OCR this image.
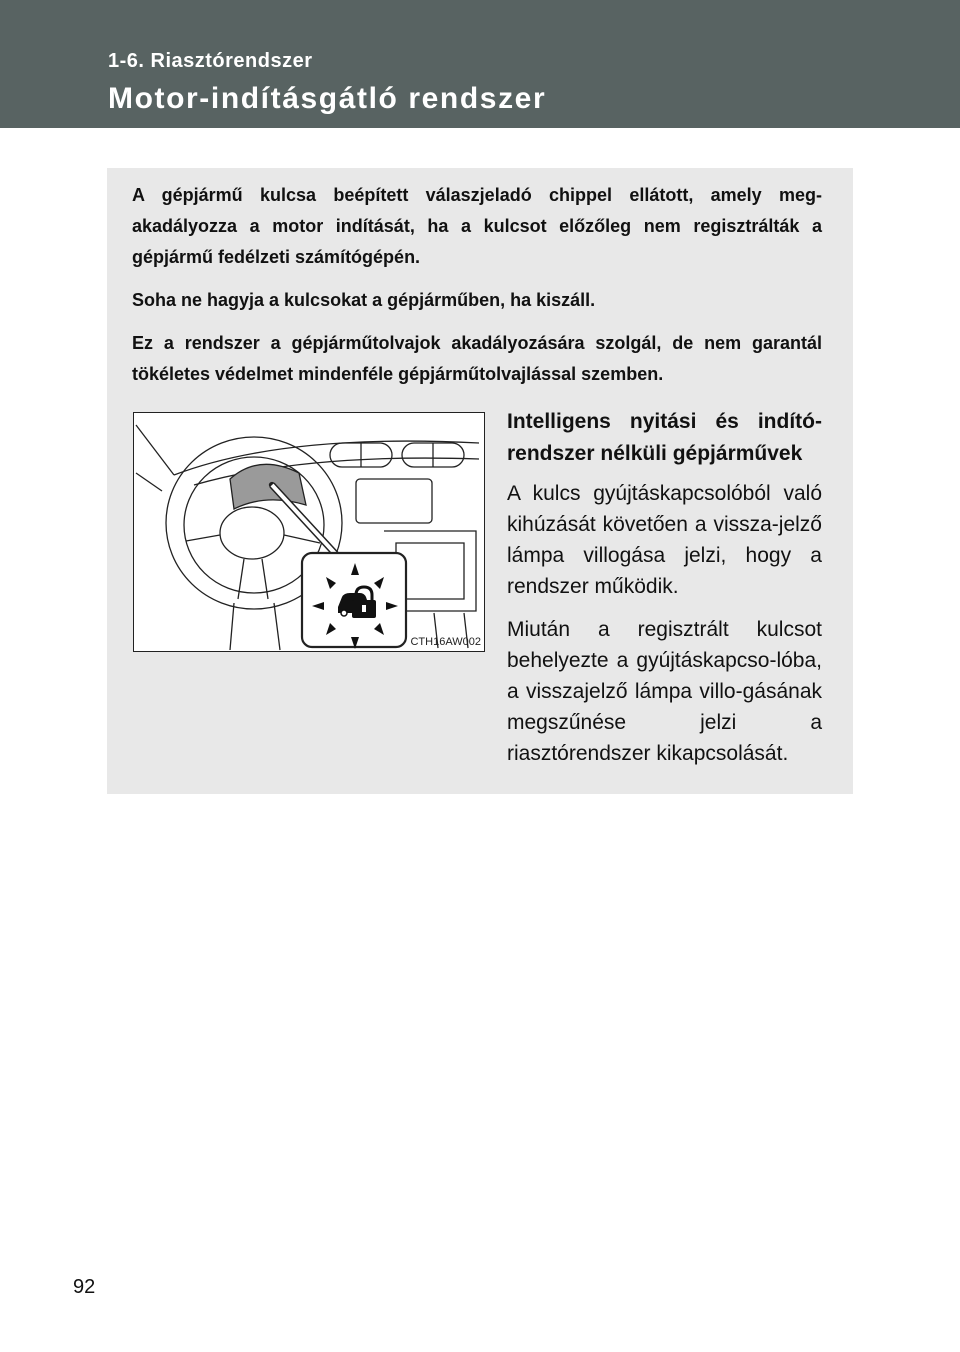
1-6. Riasztórendszer
Motor-indításgátló rendszer

A gépjármű kulcsa beépített válaszjeladó chippel ellátott, amely meg-akadályozza a motor indítását, ha a kulcsot előzőleg nem regisztrálták a gépjármű fedélzeti számítógépén.

Soha ne hagyja a kulcsokat a gépjárműben, ha kiszáll.

Ez a rendszer a gépjárműtolvajok akadályozására szolgál, de nem garantál tökéletes védelmet mindenféle gépjárműtolvajlással szemben.

CTH16AW002
Intelligens nyitási és indító-rendszer nélküli gépjárművek

A kulcs gyújtáskapcsolóból való kihúzását követően a vissza-jelző lámpa villogása jelzi, hogy a rendszer működik.

Miután a regisztrált kulcsot behelyezte a gyújtáskapcso-lóba, a visszajelző lámpa villo-gásának megszűnése jelzi a riasztórendszer kikapcsolását.

92
